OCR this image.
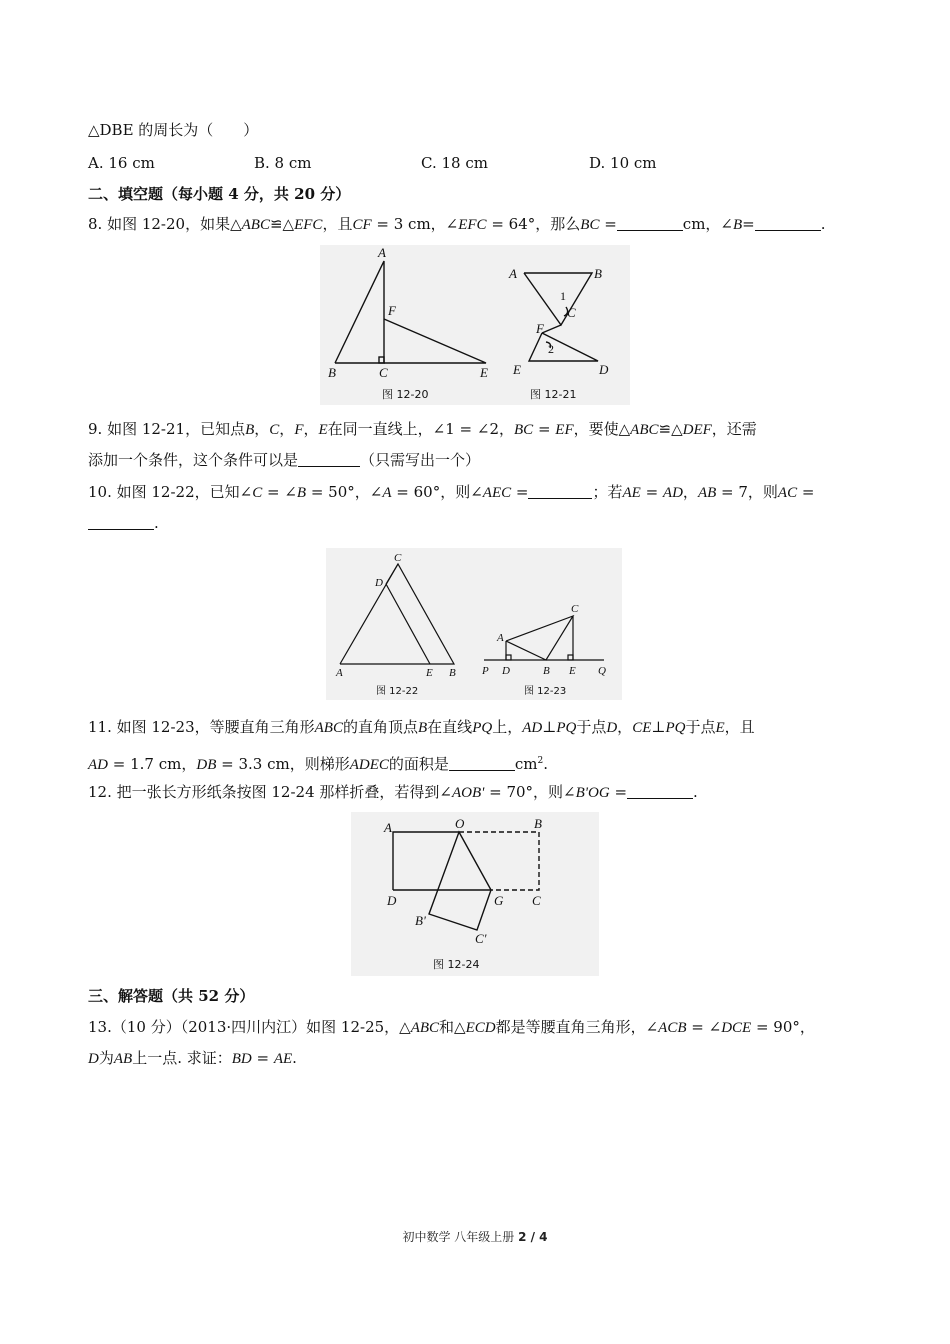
△DBE 的周长为（　　）
A. 16 cm	B. 8 cm	C. 18 cm	D. 10 cm
二、填空题（每小题 4 分，共 20 分）
8. 如图 12-20，如果△ABC≌△EFC，且CF = 3 cm，∠EFC = 64°，那么BC =	cm，∠B=	.
A
B	C	E
F
A	B
C
D
E
F
1
2
图 12-20	图 12-21
9. 如图 12-21，已知点B，C，F，E在同一直线上，∠1 = ∠2，BC = EF，要使△ABC≌△DEF，还需
添加一个条件，这个条件可以是	（只需写出一个）
10. 如图 12-22，已知∠C = ∠B = 50°，∠A = 60°，则∠AEC =	；若AE = AD，AB = 7，则AC =
.
C
D
A	E B
A
C
P D	B E Q
图 12-22	图 12-23
11. 如图 12-23，等腰直角三角形ABC的直角顶点B在直线PQ上，AD⊥PQ于点D，CE⊥PQ于点E，且
AD = 1.7 cm，DB = 3.3 cm，则梯形ADEC的面积是	$cm^2$.
12. 把一张长方形纸条按图 12-24 那样折叠，若得到∠AOB' = 70°，则∠B'OG =	.
A	O	B
D	G C
B'
C'
图 12-24
三、解答题（共 52 分）
13.（10 分）（2013·四川内江）如图 12-25，△ABC和△ECD都是等腰直角三角形，∠ACB = ∠DCE = 90°，
D为AB上一点. 求证：BD = AE.
初中数学 八年级上册 2 / 4
